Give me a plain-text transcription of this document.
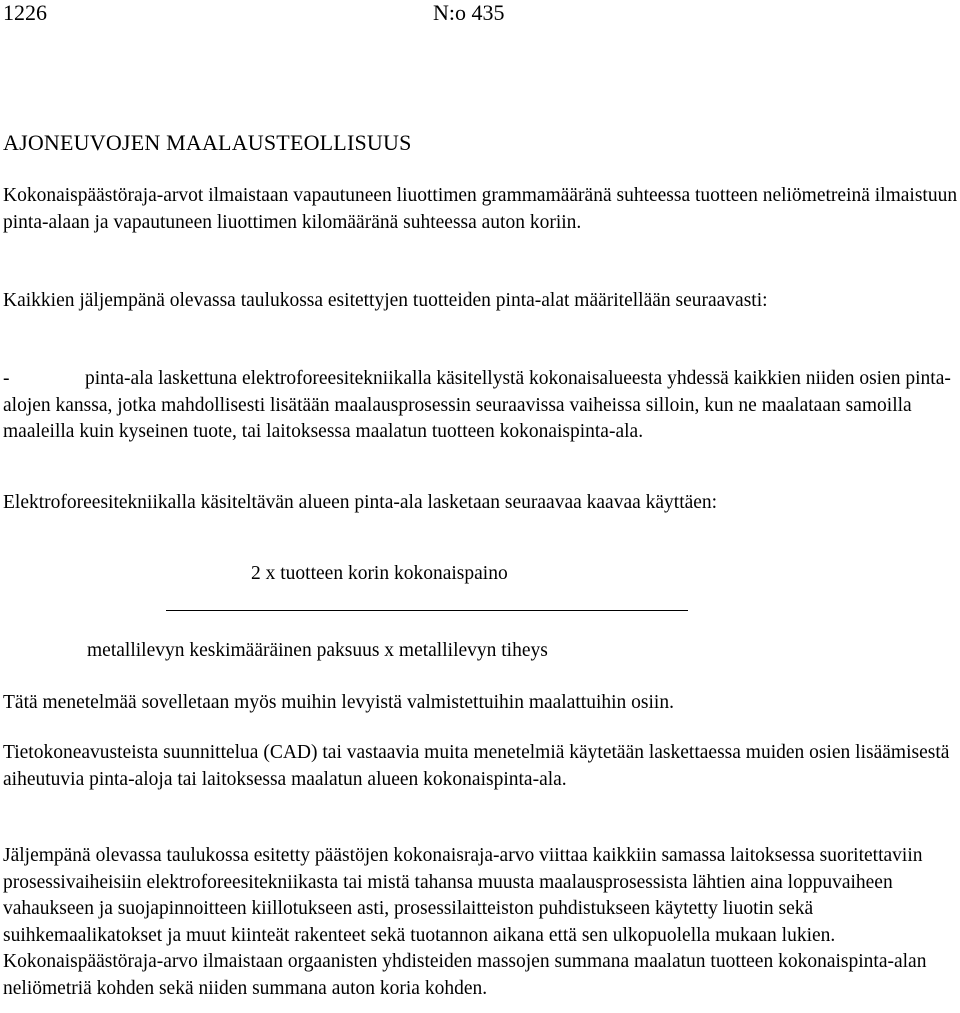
1226	N:o 435
AJONEUVOJEN MAALAUSTEOLLISUUS

Kokonaispäästöraja-arvot ilmaistaan vapautuneen liuottimen grammamääränä suhteessa tuotteen neliömetreinä ilmaistuun pinta-alaan ja vapautuneen liuottimen kilomääränä suhteessa auton koriin.

Kaikkien jäljempänä olevassa taulukossa esitettyjen tuotteiden pinta-alat määritellään seuraavasti:

-	pinta-ala laskettuna elektroforeesitekniikalla käsitellystä kokonaisalueesta yhdessä kaikkien niiden osien pinta-alojen kanssa, jotka mahdollisesti lisätään maalausprosessin seuraavissa vaiheissa silloin, kun ne maalataan samoilla maaleilla kuin kyseinen tuote, tai laitoksessa maalatun tuotteen kokonaispinta-ala.

Elektroforeesitekniikalla käsiteltävän alueen pinta-ala lasketaan seuraavaa kaavaa käyttäen:

2 x tuotteen korin kokonaispaino
metallilevyn keskimääräinen paksuus x metallilevyn tiheys

Tätä menetelmää sovelletaan myös muihin levyistä valmistettuihin maalattuihin osiin.

Tietokoneavusteista suunnittelua (CAD) tai vastaavia muita menetelmiä käytetään laskettaessa muiden osien lisäämisestä aiheutuvia pinta-aloja tai laitoksessa maalatun alueen kokonaispinta-ala.

Jäljempänä olevassa taulukossa esitetty päästöjen kokonaisraja-arvo viittaa kaikkiin samassa laitoksessa suoritettaviin prosessivaiheisiin elektroforeesitekniikasta tai mistä tahansa muusta maalausprosessista lähtien aina loppuvaiheen vahaukseen ja suojapinnoitteen kiillotukseen asti, prosessilaitteiston puhdistukseen käytetty liuotin sekä suihkemaalikatokset ja muut kiinteät rakenteet sekä tuotannon aikana että sen ulkopuolella mukaan lukien. Kokonaispäästöraja-arvo ilmaistaan orgaanisten yhdisteiden massojen summana maalatun tuotteen kokonaispinta-alan neliömetriä kohden sekä niiden summana auton koria kohden.
